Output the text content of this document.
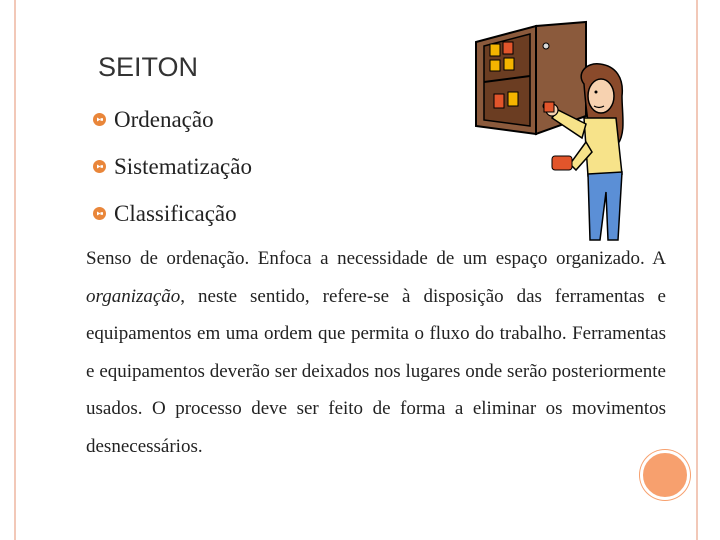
SEITON
Ordenação
Sistematização
Classificação

Senso de ordenação. Enfoca a necessidade de um espaço organizado. A organização, neste sentido, refere-se à disposição das ferramentas e equipamentos em uma ordem que permita o fluxo do trabalho. Ferramentas e equipamentos deverão ser deixados nos lugares onde serão posteriormente usados. O processo deve ser feito de forma a eliminar os movimentos desnecessários.
